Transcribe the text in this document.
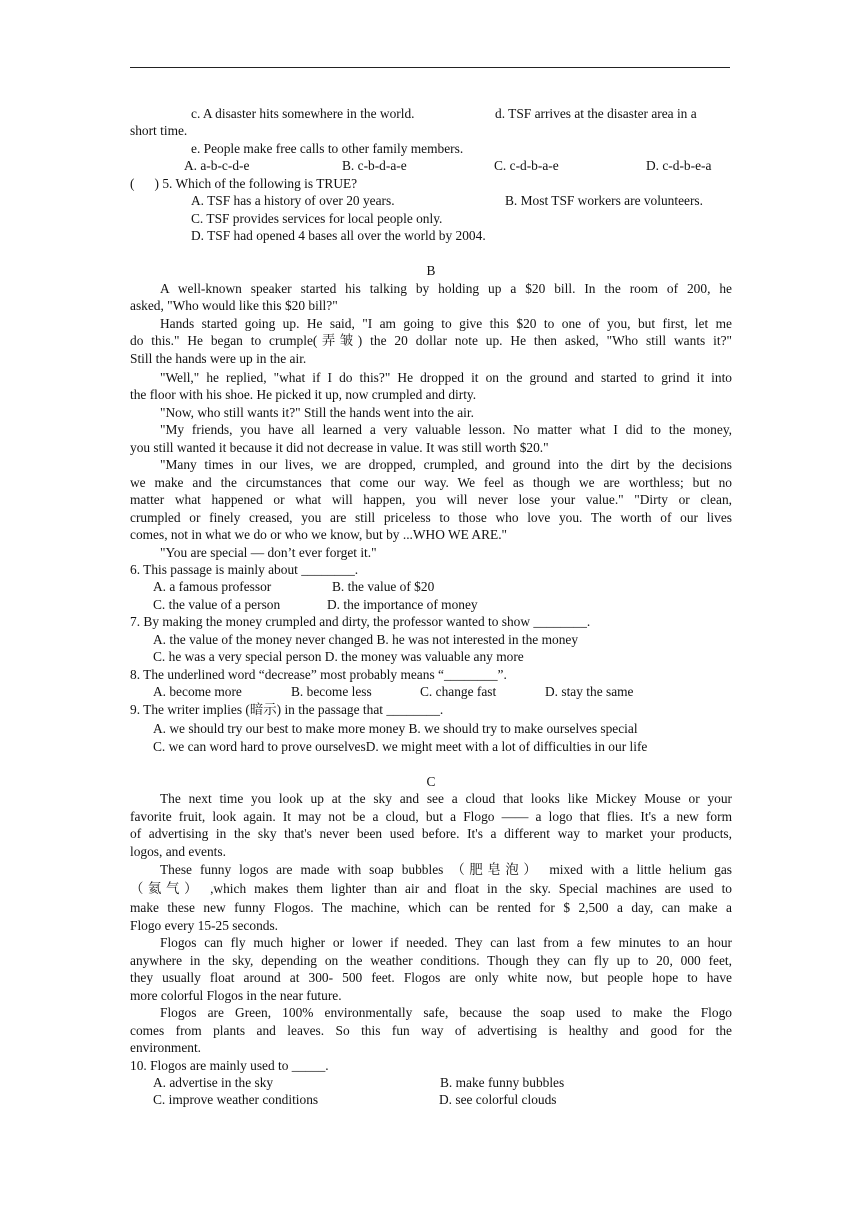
c. A disaster hits somewhere in the world.	d. TSF arrives at the disaster area in a
short time.
e. People make free calls to other family members.
A. a-b-c-d-e	B. c-b-d-a-e	C. c-d-b-a-e	D. c-d-b-e-a
(      ) 5. Which of the following is TRUE?
A. TSF has a history of over 20 years.	B. Most TSF workers are volunteers.
C. TSF provides services for local people only.
D. TSF had opened 4 bases all over the world by 2004.
B
A well-known speaker started his talking by holding up a $20 bill. In the room of 200, he
asked, "Who would like this $20 bill?"
Hands started going up. He said, "I am going to give this $20 to one of you, but first, let me
do this." He began to crumple(弄皱) the 20 dollar note up. He then asked, "Who still wants it?"
Still the hands were up in the air.
"Well," he replied, "what if I do this?" He dropped it on the ground and started to grind it into
the floor with his shoe. He picked it up, now crumpled and dirty.
"Now, who still wants it?" Still the hands went into the air.
"My friends, you have all learned a very valuable lesson. No matter what I did to the money,
you still wanted it because it did not decrease in value. It was still worth $20."
"Many times in our lives, we are dropped, crumpled, and ground into the dirt by the decisions
we make and the circumstances that come our way. We feel as though we are worthless; but no
matter what happened or what will happen, you will never lose your value." "Dirty or clean,
crumpled or finely creased, you are still priceless to those who love you. The worth of our lives
comes, not in what we do or who we know, but by ...WHO WE ARE."
"You are special — don’t ever forget it."
6. This passage is mainly about ________.
A. a famous professor	B. the value of $20
C. the value of a person	D. the importance of money
7. By making the money crumpled and dirty, the professor wanted to show ________.
A. the value of the money never changed B. he was not interested in the money
C. he was a very special person D. the money was valuable any more
8. The underlined word “decrease” most probably means “________”.
A. become more	B. become less	C. change fast	D. stay the same
9. The writer implies (暗示) in the passage that ________.
A. we should try our best to make more money B. we should try to make ourselves special
C. we can word hard to prove ourselvesD. we might meet with a lot of difficulties in our life
C
The next time you look up at the sky and see a cloud that looks like Mickey Mouse or your
favorite fruit, look again. It may not be a cloud, but a Flogo —— a logo that flies. It's a new form
of advertising in the sky that's never been used before. It's a different way to market your products,
logos, and events.
These funny logos are made with soap bubbles （肥皂泡） mixed with a little helium gas
（氦气） ,which makes them lighter than air and float in the sky. Special machines are used to
make these new funny Flogos. The machine, which can be rented for $ 2,500 a day, can make a
Flogo every 15-25 seconds.
Flogos can fly much higher or lower if needed. They can last from a few minutes to an hour
anywhere in the sky, depending on the weather conditions. Though they can fly up to 20, 000 feet,
they usually float around at 300- 500 feet. Flogos are only white now, but people hope to have
more colorful Flogos in the near future.
Flogos are Green, 100% environmentally safe, because the soap used to make the Flogo
comes from plants and leaves. So this fun way of advertising is healthy and good for the
environment.
10. Flogos are mainly used to _____.
A. advertise in the sky	B. make funny bubbles
C. improve weather conditions	D. see colorful clouds
